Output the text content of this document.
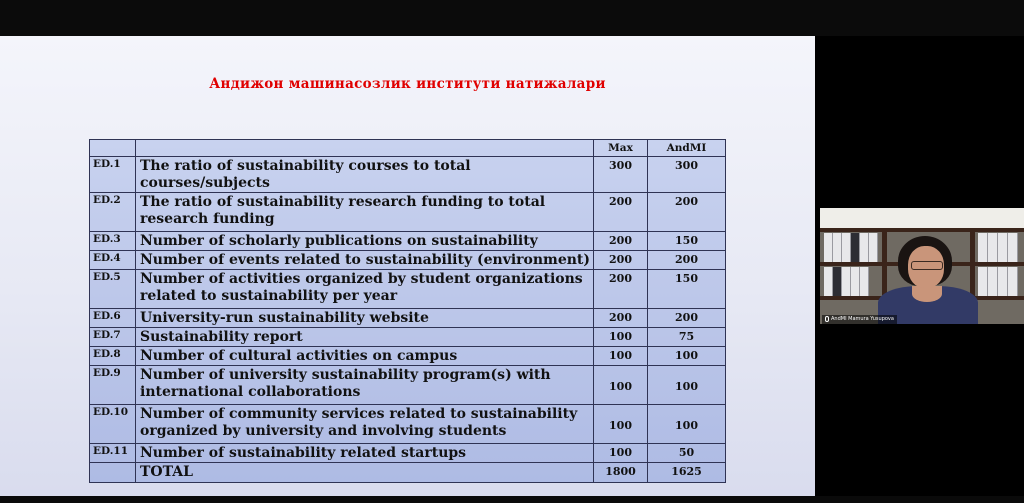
Андижон машинасозлик институти натижалари
		Max	AndMI
ED.1	The ratio of sustainability courses to total courses/subjects	300	300
ED.2	The ratio of sustainability research funding to total research funding	200	200
ED.3	Number of scholarly publications on sustainability	200	150
ED.4	Number of events related to sustainability (environment)	200	200
ED.5	Number of activities organized by student organizations related to sustainability per year	200	150
ED.6	University-run sustainability website	200	200
ED.7	Sustainability report	100	75
ED.8	Number of cultural activities on campus	100	100
ED.9	Number of university sustainability program(s) with international collaborations	100	100
ED.10	Number of community services related to sustainability organized by university and involving students	100	100
ED.11	Number of sustainability related startups	100	50
	TOTAL	1800	1625
AndMI Mamura Yusupova
